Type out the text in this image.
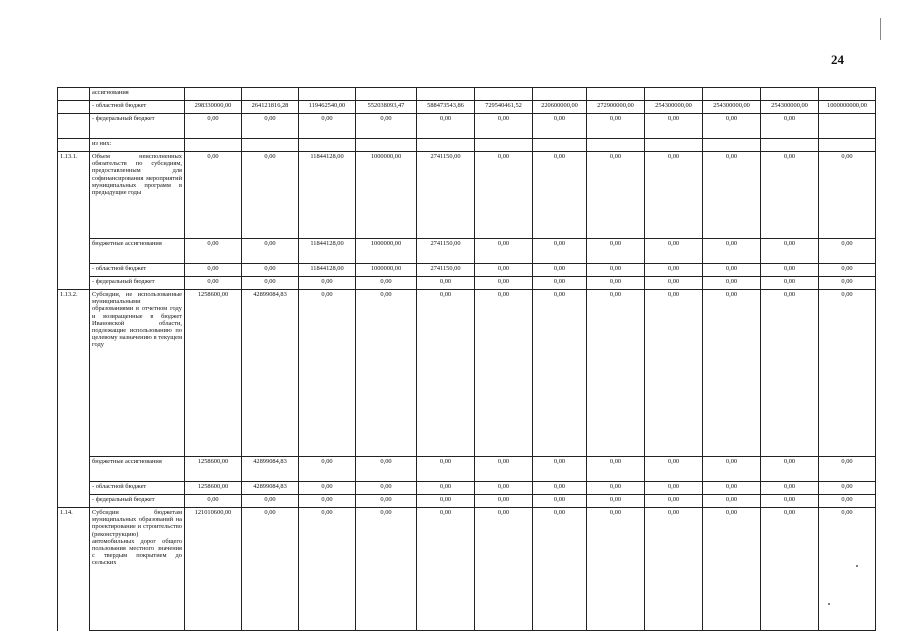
24
	ассигнования												
	- областной бюджет	298330000,00	264121816,28	119462540,00	552038093,47	588473543,86	729540461,52	220600000,00	272900000,00	254300000,00	254300000,00	254300000,00	1000000000,00
	- федеральный бюджет	0,00	0,00	0,00	0,00	0,00	0,00	0,00	0,00	0,00	0,00	0,00	
	из них:												
1.13.1.	Объем неисполненных обязательств по субсидиям, предоставленным для софинансирования мероприятий муниципальных программ в предыдущие годы	0,00	0,00	11844128,00	1000000,00	2741150,00	0,00	0,00	0,00	0,00	0,00	0,00	0,00
	бюджетные ассигнования	0,00	0,00	11844128,00	1000000,00	2741150,00	0,00	0,00	0,00	0,00	0,00	0,00	0,00
	- областной бюджет	0,00	0,00	11844128,00	1000000,00	2741150,00	0,00	0,00	0,00	0,00	0,00	0,00	0,00
	- федеральный бюджет	0,00	0,00	0,00	0,00	0,00	0,00	0,00	0,00	0,00	0,00	0,00	0,00
1.13.2.	Субсидии, не использованные муниципальными образованиями в отчетном году и возвращенные в бюджет Ивановской области, подлежащие использованию по целевому назначению в текущем году	1258600,00	42899084,83	0,00	0,00	0,00	0,00	0,00	0,00	0,00	0,00	0,00	0,00
	бюджетные ассигнования	1258600,00	42899084,83	0,00	0,00	0,00	0,00	0,00	0,00	0,00	0,00	0,00	0,00
	- областной бюджет	1258600,00	42899084,83	0,00	0,00	0,00	0,00	0,00	0,00	0,00	0,00	0,00	0,00
	- федеральный бюджет	0,00	0,00	0,00	0,00	0,00	0,00	0,00	0,00	0,00	0,00	0,00	0,00
1.14.	Субсидии бюджетам муниципальных образований на проектирование и строительство (реконструкцию) автомобильных дорог общего пользования местного значения с твердым покрытием до сельских	121010600,00	0,00	0,00	0,00	0,00	0,00	0,00	0,00	0,00	0,00	0,00	0,00
